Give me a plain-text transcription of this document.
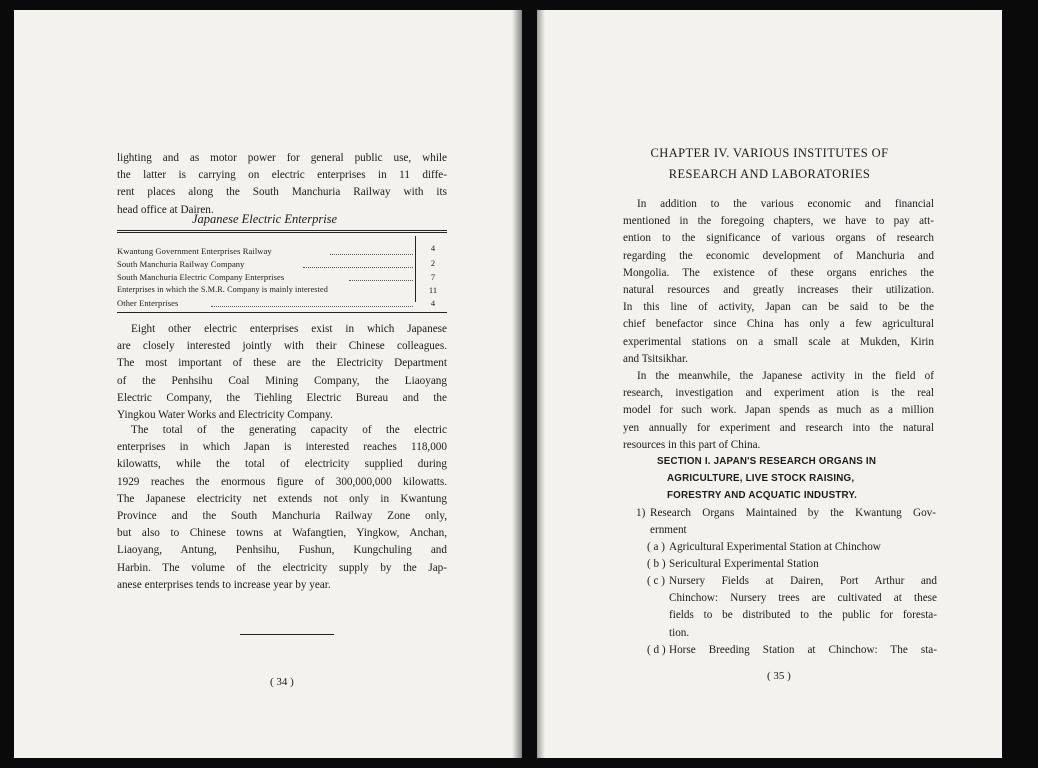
lighting and as motor power for general public use, while
the latter is carrying on electric enterprises in 11 diffe-
rent places along the South Manchuria Railway with its
head office at Dairen.
Japanese Electric Enterprise
Kwantung Government Enterprises Railway	4
South Manchuria Railway Company	2
South Manchuria Electric Company Enterprises	7
Enterprises in which the S.M.R. Company is mainly interested	11
Other Enterprises	4
Eight other electric enterprises exist in which Japanese
are closely interested jointly with their Chinese colleagues.
The most important of these are the Electricity Department
of the Penhsihu Coal Mining Company, the Liaoyang
Electric Company, the Tiehling Electric Bureau and the
Yingkou Water Works and Electricity Company.
The total of the generating capacity of the electric
enterprises in which Japan is interested reaches 118,000
kilowatts, while the total of electricity supplied during
1929 reaches the enormous figure of 300,000,000 kilowatts.
The Japanese electricity net extends not only in Kwantung
Province and the South Manchuria Railway Zone only,
but also to Chinese towns at Wafangtien, Yingkow, Anchan,
Liaoyang, Antung, Penhsihu, Fushun, Kungchuling and
Harbin. The volume of the electricity supply by the Jap-
anese enterprises tends to increase year by year.
( 34 )
CHAPTER IV. VARIOUS INSTITUTES OF
RESEARCH AND LABORATORIES
In addition to the various economic and financial
mentioned in the foregoing chapters, we have to pay att-
ention to the significance of various organs of research
regarding the economic development of Manchuria and
Mongolia. The existence of these organs enriches the
natural resources and greatly increases their utilization.
In this line of activity, Japan can be said to be the
chief benefactor since China has only a few agricultural
experimental stations on a small scale at Mukden, Kirin
and Tsitsikhar.
In the meanwhile, the Japanese activity in the field of
research, investigation and experiment ation is the real
model for such work. Japan spends as much as a million
yen annually for experiment and research into the natural
resources in this part of China.
SECTION I. JAPAN'S RESEARCH ORGANS IN
AGRICULTURE, LIVE STOCK RAISING,
FORESTRY AND ACQUATIC INDUSTRY.
1) Research Organs Maintained by the Kwantung Gov-
ernment
( a ) Agricultural Experimental Station at Chinchow
( b ) Sericultural Experimental Station
( c ) Nursery Fields at Dairen, Port Arthur and
Chinchow: Nursery trees are cultivated at these
fields to be distributed to the public for foresta-
tion.
( d ) Horse Breeding Station at Chinchow: The sta-
( 35 )
